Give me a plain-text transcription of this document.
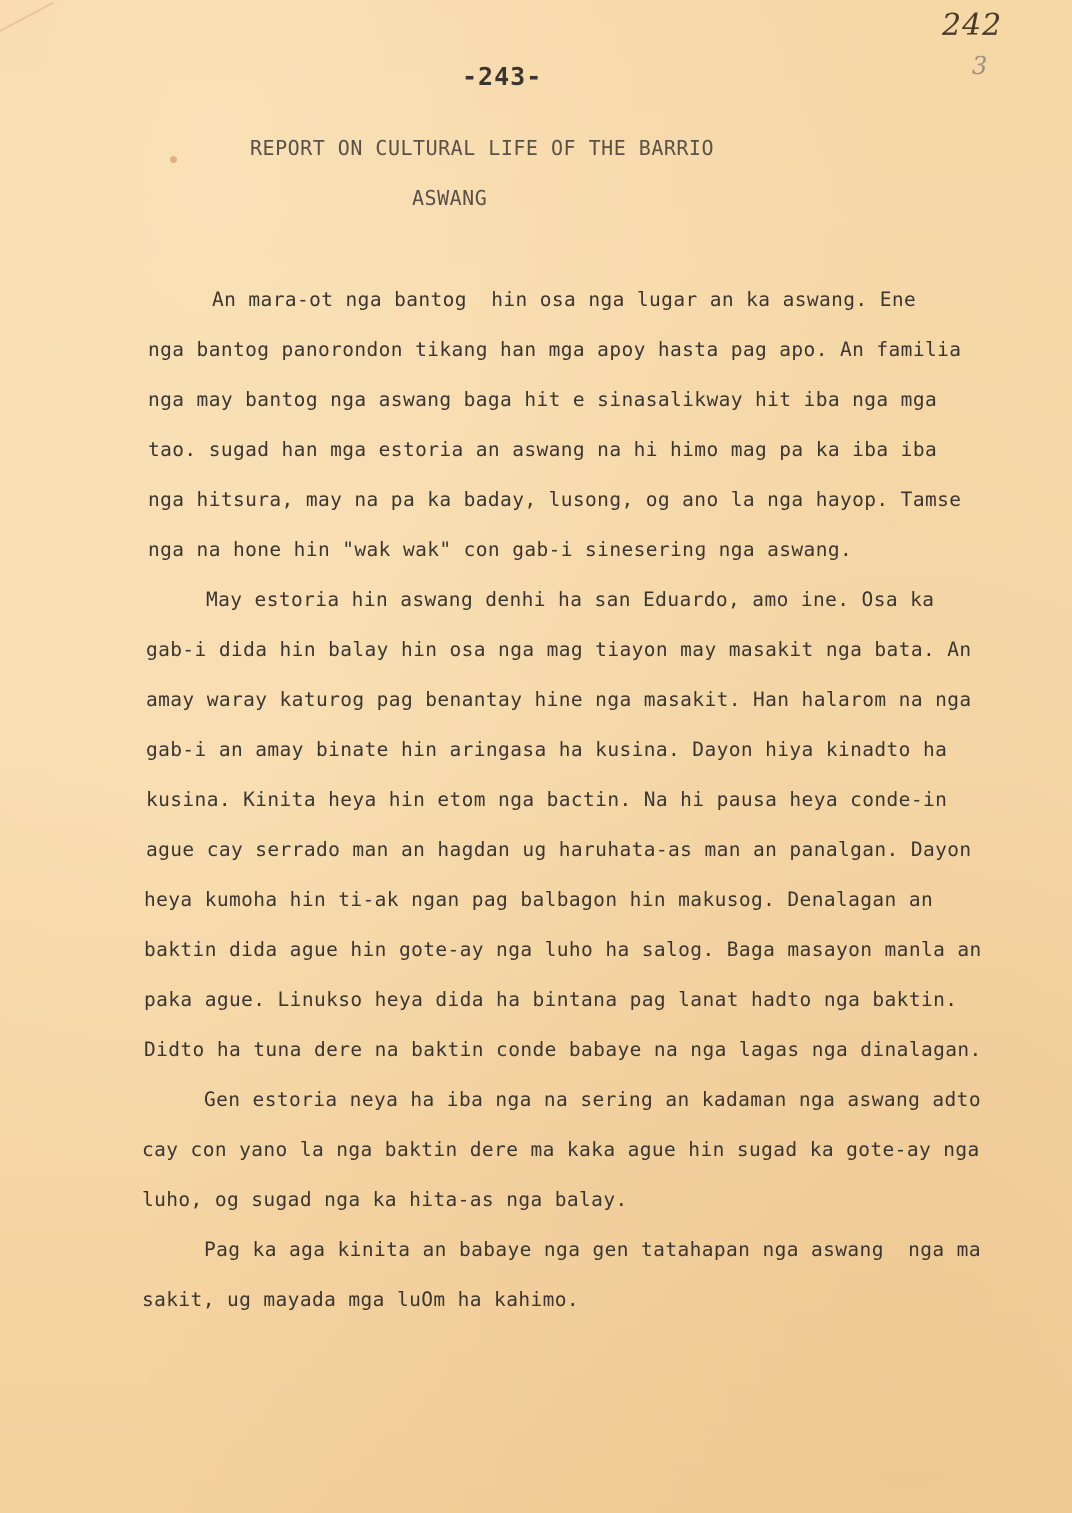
242
3
-243-
REPORT ON CULTURAL LIFE OF THE BARRIO
ASWANG
An mara-ot nga bantog  hin osa nga lugar an ka aswang. Ene
nga bantog panorondon tikang han mga apoy hasta pag apo. An familia
nga may bantog nga aswang baga hit e sinasalikway hit iba nga mga
tao. sugad han mga estoria an aswang na hi himo mag pa ka iba iba
nga hitsura, may na pa ka baday, lusong, og ano la nga hayop. Tamse
nga na hone hin "wak wak" con gab-i sineserinɡ nga aswang.
May estoria hin aswang denhi ha san Eduardo, amo ine. Osa ka
gab-i dida hin balay hin osa nga mag tiayon may masakit nga bata. An
amay waray katurog pag benantay hine nga masakit. Han halarom na nga
gab-i an amay binate hin aringasa ha kusina. Dayon hiya kinadto ha
kusina. Kinita heya hin etom nga bactin. Na hi pausa heya conde-in
ague cay serrado man an hagdan ug haruhata-as man an panalgan. Dayon
heya kumoha hin ti-ak ngan pag balbagon hin makusog. Denalagan an
baktin dida ague hin gote-ay nga luho ha salog. Baga masayon manla an
paka ague. Linukso heya dida ha bintana pag lanat hadto nga baktin.
Didto ha tuna dere na baktin conde babaye na nga lagas nga dinalagan.
Gen estoria neya ha iba nga na sering an kadaman nga aswang adto
cay con yano la nga baktin dere ma kaka ague hin sugad ka gote-ay nga
luho, og sugad nga ka hita-as nga balay.
Pag ka aga kinita an babaye nga gen tatahapan nga aswang  nga ma
sakit, ug mayada mga luOm ha kahimo.
